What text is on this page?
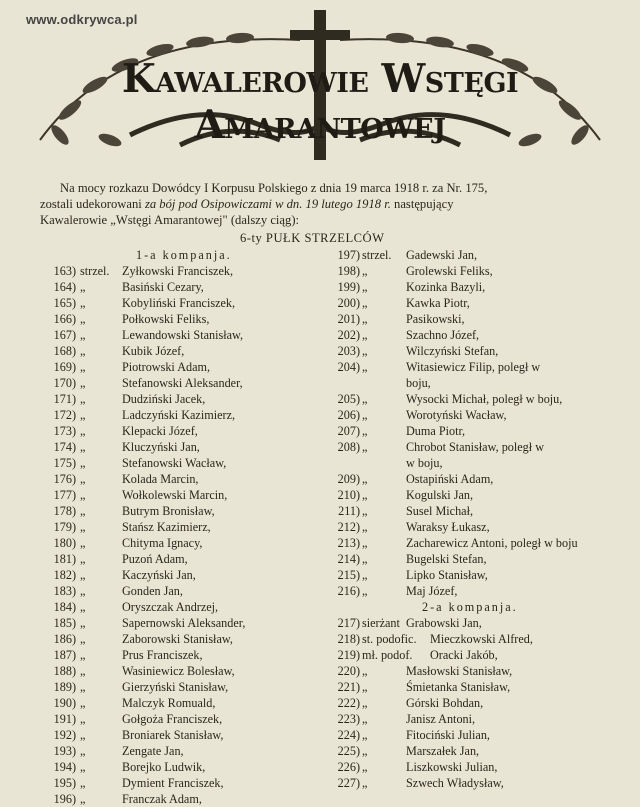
www.odkrywca.pl
Kawalerowie Wstęgi Amarantowej
Na mocy rozkazu Dowódcy I Korpusu Polskiego z dnia 19 marca 1918 r. za Nr. 175,
zostali udekorowani za bój pod Osipowiczami w dn. 19 lutego 1918 r. następujący
Kawalerowie „Wstęgi Amarantowej" (dalszy ciąg):
6-ty PUŁK STRZELCÓW
1-a kompanja.
163) strzel. Zyłkowski Franciszek,
164) „	Basiński Cezary,
165) „	Kobyliński Franciszek,
166) „	Połkowski Feliks,
167) „	Lewandowski Stanisław,
168) „	Kubik Józef,
169) „	Piotrowski Adam,
170) „	Stefanowski Aleksander,
171) „	Dudziński Jacek,
172) „	Ladczyński Kazimierz,
173) „	Klepacki Józef,
174) „	Kluczyński Jan,
175) „	Stefanowski Wacław,
176) „	Kolada Marcin,
177) „	Wołkolewski Marcin,
178) „	Butrym Bronisław,
179) „	Stańsz Kazimierz,
180) „	Chityma Ignacy,
181) „	Puzoń Adam,
182) „	Kaczyński Jan,
183) „	Gonden Jan,
184) „	Oryszczak Andrzej,
185) „	Sapernowski Aleksander,
186) „	Zaborowski Stanisław,
187) „	Prus Franciszek,
188) „	Wasiniewicz Bolesław,
189) „	Gierzyński Stanisław,
190) „	Malczyk Romuald,
191) „	Gołgoża Franciszek,
192) „	Broniarek Stanisław,
193) „	Zengate Jan,
194) „	Borejko Ludwik,
195) „	Dymient Franciszek,
196) „	Franczak Adam,
197) strzel. Gadewski Jan,
198) „	Grolewski Feliks,
199) „	Kozinka Bazyli,
200) „	Kawka Piotr,
201) „	Pasikowski,
202) „	Szachno Józef,
203) „	Wilczyński Stefan,
204) „	Witasiewicz Filip, poległ w
boju,
205) „	Wysocki Michał, poległ w boju,
206) „	Worotyński Wacław,
207) „	Duma Piotr,
208) „	Chrobot Stanisław, poległ w
w boju,
209) „	Ostapiński Adam,
210) „	Kogulski Jan,
211) „	Susel Michał,
212) „	Waraksy Łukasz,
213) „	Zacharewicz Antoni, poległ w boju
214) „	Bugelski Stefan,
215) „	Lipko Stanisław,
216) „	Maj Józef,
2-a kompanja.
217) sierżant Grabowski Jan,
218) st. podofic. Mieczkowski Alfred,
219) mł. podof. Oracki Jakób,
220) „	Masłowski Stanisław,
221) „	Śmietanka Stanisław,
222) „	Górski Bohdan,
223) „	Janisz Antoni,
224) „	Fitociński Julian,
225) „	Marszałek Jan,
226) „	Liszkowski Julian,
227) „	Szwech Władysław,
